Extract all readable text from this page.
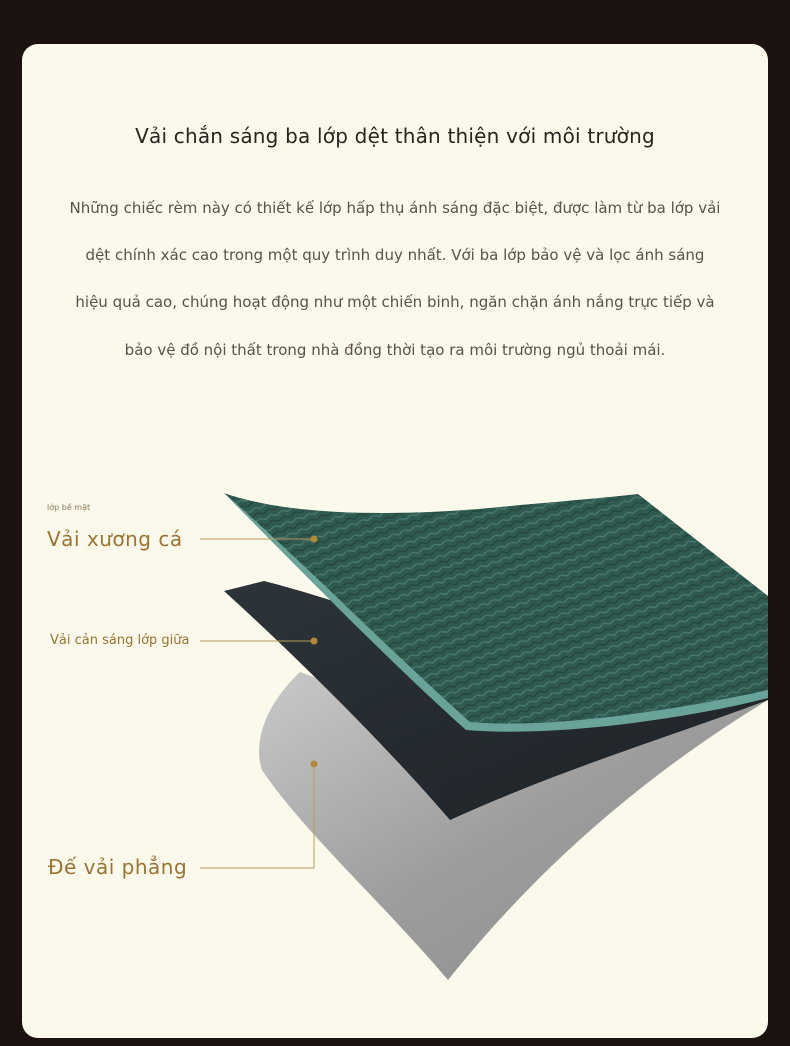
Vải chắn sáng ba lớp dệt thân thiện với môi trường
Những chiếc rèm này có thiết kế lớp hấp thụ ánh sáng đặc biệt, được làm từ ba lớp vải
dệt chính xác cao trong một quy trình duy nhất. Với ba lớp bảo vệ và lọc ánh sáng
hiệu quả cao, chúng hoạt động như một chiến binh, ngăn chặn ánh nắng trực tiếp và
bảo vệ đồ nội thất trong nhà đồng thời tạo ra môi trường ngủ thoải mái.
lớp bề mặt
Vải xương cá
Vải cản sáng lớp giữa
Đế vải phẳng
